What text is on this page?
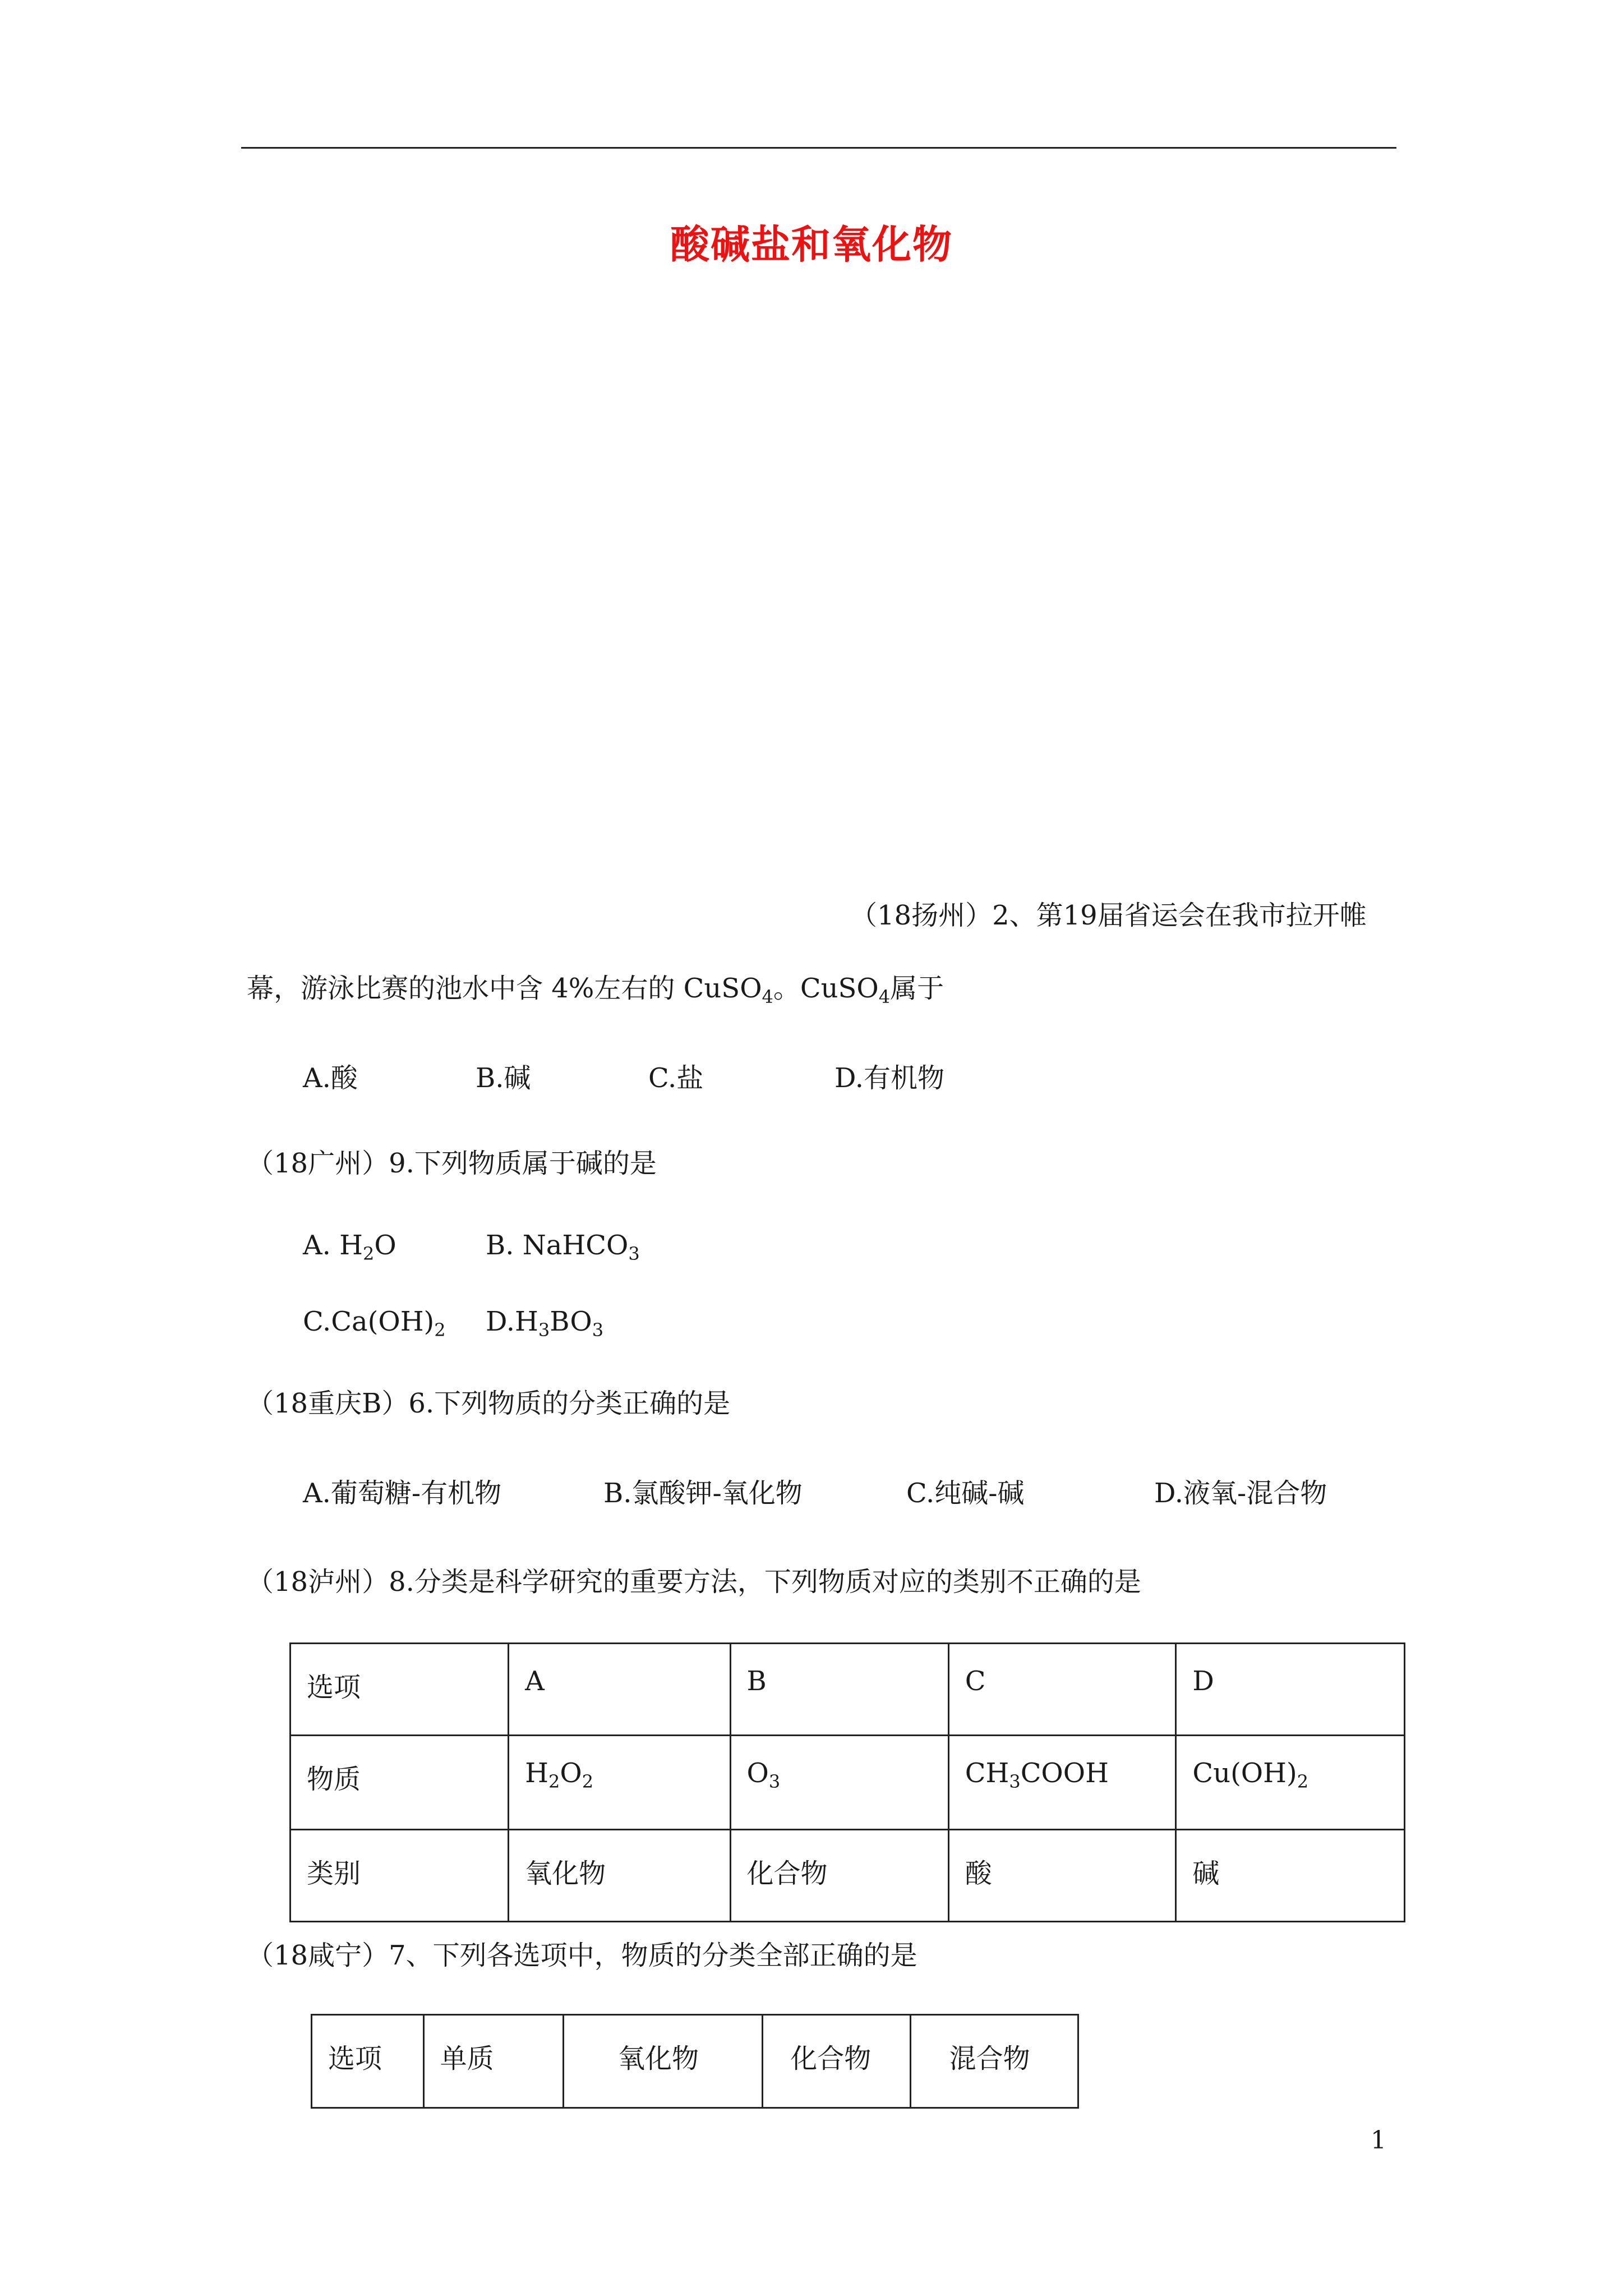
酸碱盐和氧化物
（18扬州）2、第19届省运会在我市拉开帷
幕，游泳比赛的池水中含 4%左右的 CuSO$_4$。CuSO$_4$属于
A.酸	B.碱	C.盐	D.有机物
（18广州）9.下列物质属于碱的是
A. $H_2O$	B. NaHCO$_3$
$C.Ca(OH)_2$ $D.H_3BO_3$
（18重庆B）6.下列物质的分类正确的是
A.葡萄糖-有机物	B.氯酸钾-氧化物	C.纯碱-碱	D.液氧-混合物
（18泸州）8.分类是科学研究的重要方法，下列物质对应的类别不正确的是
选项	A	B	C	D
物质	$H_2O_2$	$O_3$	$CH_3COOH$	$Cu(OH)_2$
类别	氧化物	化合物	酸	碱
（18咸宁）7、下列各选项中，物质的分类全部正确的是
选项	单质	氧化物	化合物	混合物
1
